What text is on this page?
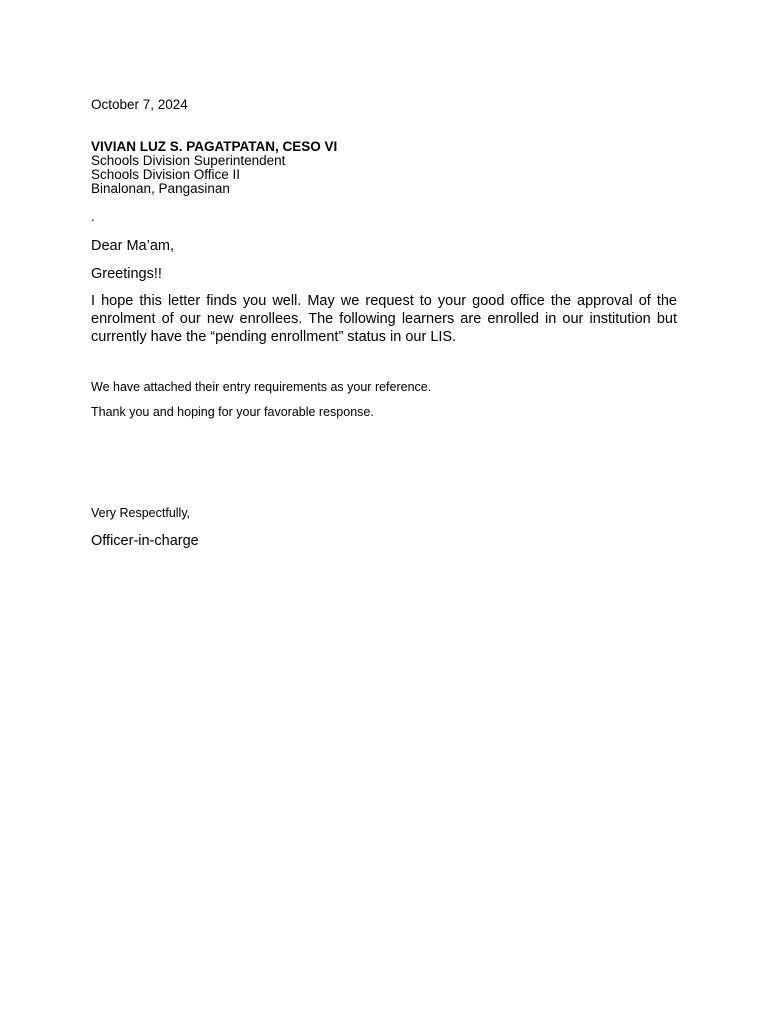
October 7, 2024
VIVIAN LUZ S. PAGATPATAN, CESO VI
Schools Division Superintendent
Schools Division Office II
Binalonan, Pangasinan
.
Dear Ma’am,
Greetings!!
I hope this letter finds you well. May we request to your good office the approval of the enrolment of our new enrollees. The following learners are enrolled in our institution but currently have the “pending enrollment” status in our LIS.
We have attached their entry requirements as your reference.
Thank you and hoping for your favorable response.
Very Respectfully,
Officer-in-charge
